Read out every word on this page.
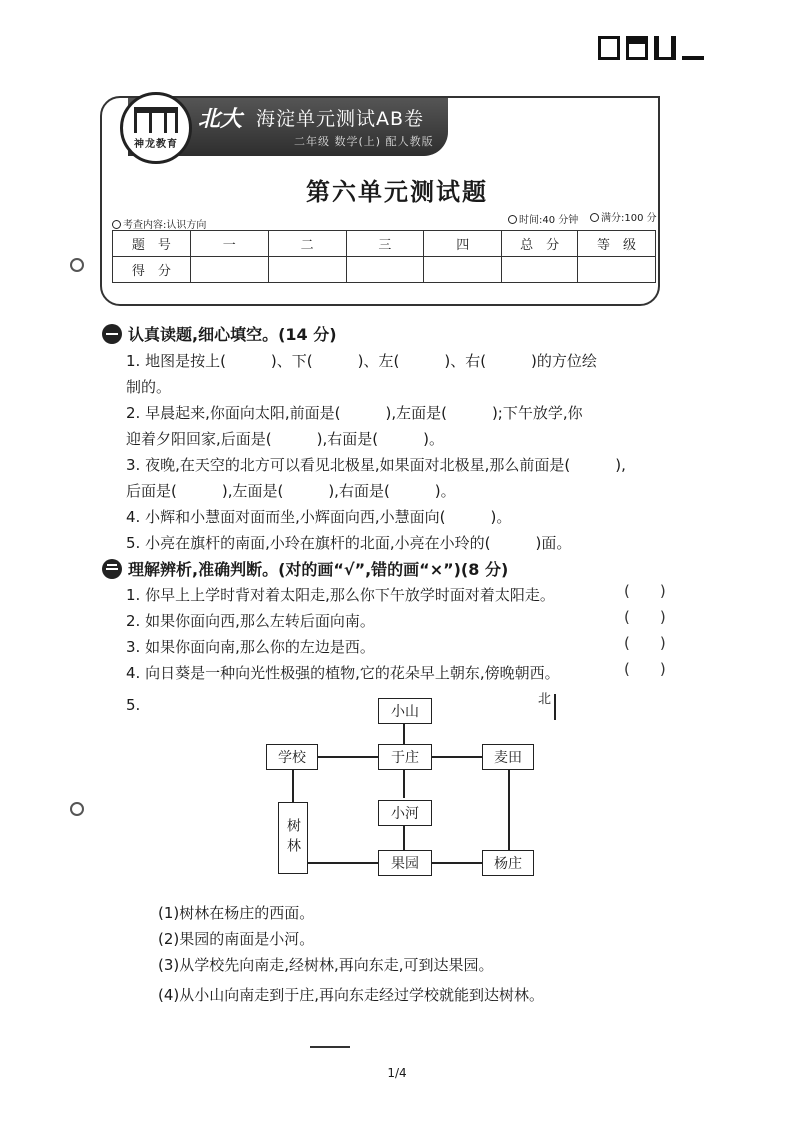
神龙教育
北大 海淀单元测试AB卷
二年级 数学(上) 配人教版
第六单元测试题
考查内容:认识方向	时间:40 分钟	满分:100 分
题　号	一	二	三	四	总　分	等　级
得　分						
认真读题,细心填空。(14 分)
1. 地图是按上(　　　)、下(　　　)、左(　　　)、右(　　　)的方位绘
制的。
2. 早晨起来,你面向太阳,前面是(　　　),左面是(　　　);下午放学,你
迎着夕阳回家,后面是(　　　),右面是(　　　)。
3. 夜晚,在天空的北方可以看见北极星,如果面对北极星,那么前面是(　　　),
后面是(　　　),左面是(　　　),右面是(　　　)。
4. 小辉和小慧面对面而坐,小辉面向西,小慧面向(　　　)。
5. 小亮在旗杆的南面,小玲在旗杆的北面,小亮在小玲的(　　　)面。
理解辨析,准确判断。(对的画“√”,错的画“×”)(8 分)
1. 你早上上学时背对着太阳走,那么你下午放学时面对着太阳走。
2. 如果你面向西,那么左转后面向南。
3. 如果你面向南,那么你的左边是西。
4. 向日葵是一种向光性极强的植物,它的花朵早上朝东,傍晚朝西。
5.
(　　)
(　　)
(　　)
(　　)
小山
学校	于庄	麦田
小河
树林
果园	杨庄
北
(1)树林在杨庄的西面。
(2)果园的南面是小河。
(3)从学校先向南走,经树林,再向东走,可到达果园。
(4)从小山向南走到于庄,再向东走经过学校就能到达树林。
1/4
